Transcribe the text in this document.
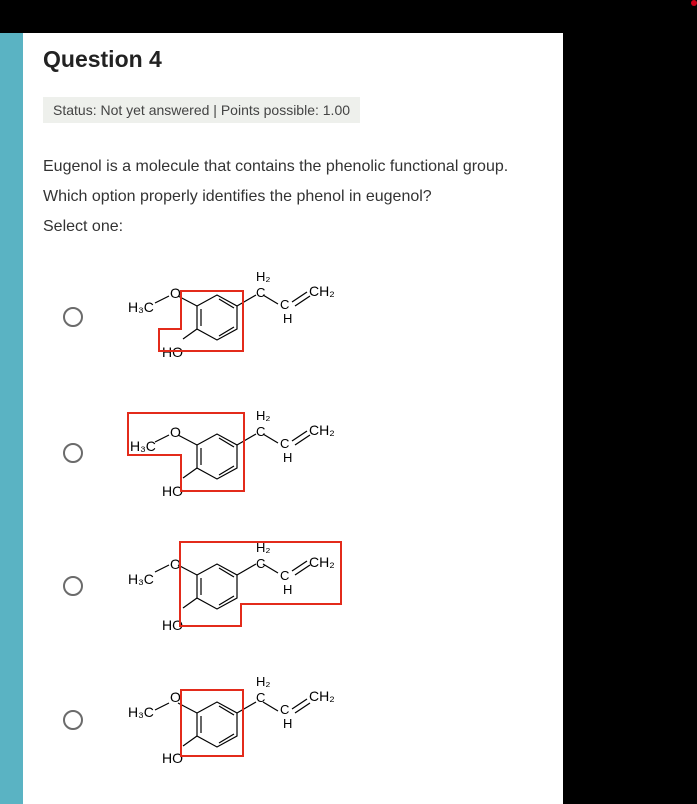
Question 4
Status: Not yet answered | Points possible: 1.00
Eugenol is a molecule that contains the phenolic functional group.
Which option properly identifies the phenol in eugenol?
Select one:
H₃C
O
HO
H₂
C
C
CH₂
H
H₃C
O
HO
H₂
C
C
CH₂
H
H₃C
O
HO
H₂
C
C
CH₂
H
H₃C
O
HO
H₂
C
C
CH₂
H
